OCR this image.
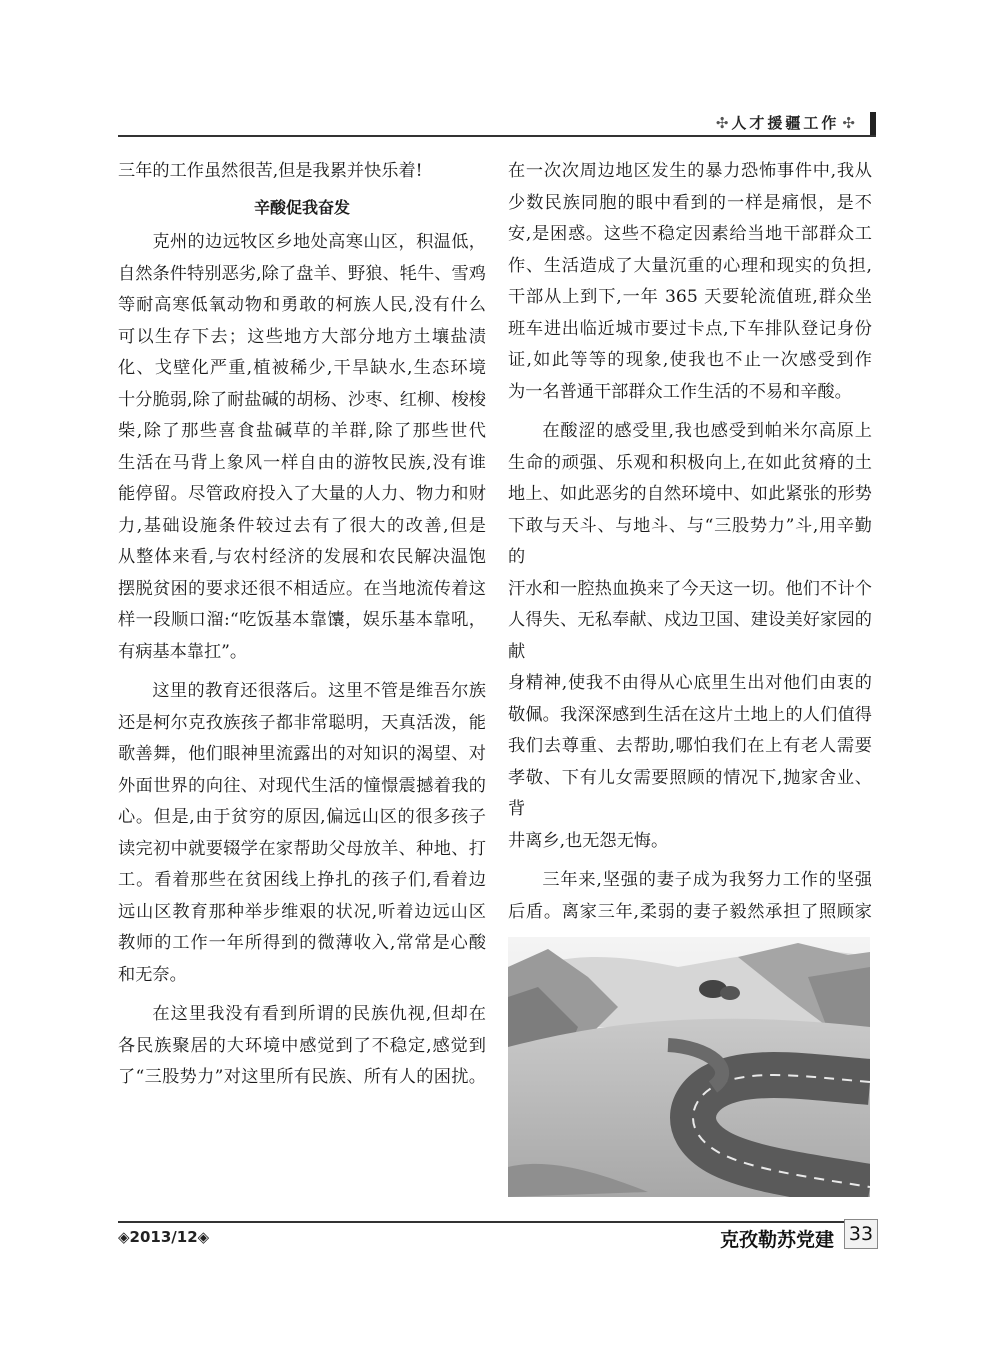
✣ 人才援疆工作 ✣

三年的工作虽然很苦,但是我累并快乐着!

辛酸促我奋发

克州的边远牧区乡地处高寒山区，积温低，

自然条件特别恶劣,除了盘羊、野狼、牦牛、雪鸡

等耐高寒低氧动物和勇敢的柯族人民,没有什么

可以生存下去；这些地方大部分地方土壤盐渍

化、戈壁化严重,植被稀少,干旱缺水,生态环境

十分脆弱,除了耐盐碱的胡杨、沙枣、红柳、梭梭

柴,除了那些喜食盐碱草的羊群,除了那些世代

生活在马背上象风一样自由的游牧民族,没有谁

能停留。尽管政府投入了大量的人力、物力和财

力,基础设施条件较过去有了很大的改善,但是

从整体来看,与农村经济的发展和农民解决温饱

摆脱贫困的要求还很不相适应。在当地流传着这

样一段顺口溜:“吃饭基本靠馕，娱乐基本靠吼，

有病基本靠扛”。

这里的教育还很落后。这里不管是维吾尔族

还是柯尔克孜族孩子都非常聪明，天真活泼，能

歌善舞，他们眼神里流露出的对知识的渴望、对

外面世界的向往、对现代生活的憧憬震撼着我的

心。但是,由于贫穷的原因,偏远山区的很多孩子

读完初中就要辍学在家帮助父母放羊、种地、打

工。看着那些在贫困线上挣扎的孩子们,看着边

远山区教育那种举步维艰的状况,听着边远山区

教师的工作一年所得到的微薄收入,常常是心酸

和无奈。

在这里我没有看到所谓的民族仇视,但却在

各民族聚居的大环境中感觉到了不稳定,感觉到

了“三股势力”对这里所有民族、所有人的困扰。

在一次次周边地区发生的暴力恐怖事件中,我从

少数民族同胞的眼中看到的一样是痛恨，是不

安,是困惑。这些不稳定因素给当地干部群众工

作、生活造成了大量沉重的心理和现实的负担,

干部从上到下,一年 365 天要轮流值班,群众坐

班车进出临近城市要过卡点,下车排队登记身份

证,如此等等的现象,使我也不止一次感受到作

为一名普通干部群众工作生活的不易和辛酸。

在酸涩的感受里,我也感受到帕米尔高原上

生命的顽强、乐观和积极向上,在如此贫瘠的土

地上、如此恶劣的自然环境中、如此紧张的形势

下敢与天斗、与地斗、与“三股势力”斗,用辛勤的

汗水和一腔热血换来了今天这一切。他们不计个

人得失、无私奉献、戍边卫国、建设美好家园的献

身精神,使我不由得从心底里生出对他们由衷的

敬佩。我深深感到生活在这片土地上的人们值得

我们去尊重、去帮助,哪怕我们在上有老人需要

孝敬、下有儿女需要照顾的情况下,抛家舍业、背

井离乡,也无怨无悔。

三年来,坚强的妻子成为我努力工作的坚强

后盾。离家三年,柔弱的妻子毅然承担了照顾家

◈2013/12◈	克孜勒苏党建 33
